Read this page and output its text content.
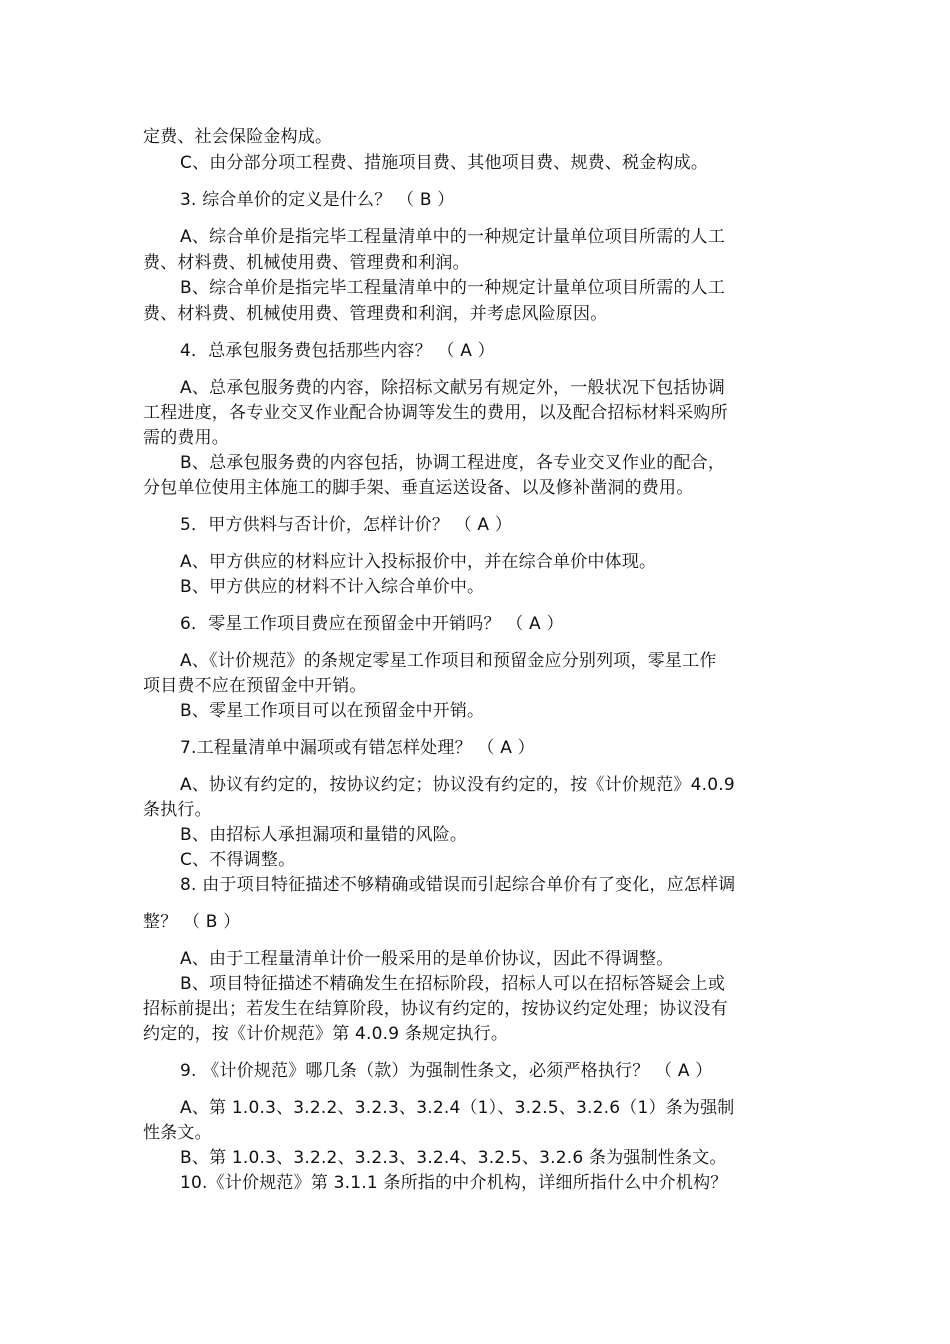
定费、社会保险金构成。
C、由分部分项工程费、措施项目费、其他项目费、规费、税金构成。
3. 综合单价的定义是什么？ （ B ）
A、综合单价是指完毕工程量清单中的一种规定计量单位项目所需的人工
费、材料费、机械使用费、管理费和利润。
B、综合单价是指完毕工程量清单中的一种规定计量单位项目所需的人工
费、材料费、机械使用费、管理费和利润，并考虑风险原因。
4．总承包服务费包括那些内容？ （ A ）
A、总承包服务费的内容，除招标文献另有规定外，一般状况下包括协调
工程进度，各专业交叉作业配合协调等发生的费用，以及配合招标材料采购所
需的费用。
B、总承包服务费的内容包括，协调工程进度，各专业交叉作业的配合，
分包单位使用主体施工的脚手架、垂直运送设备、以及修补凿洞的费用。
5．甲方供料与否计价，怎样计价？ （ A ）
A、甲方供应的材料应计入投标报价中，并在综合单价中体现。
B、甲方供应的材料不计入综合单价中。
6．零星工作项目费应在预留金中开销吗？ （ A ）
A、《计价规范》的条规定零星工作项目和预留金应分别列项，零星工作
项目费不应在预留金中开销。
B、零星工作项目可以在预留金中开销。
7.工程量清单中漏项或有错怎样处理？ （ A ）
A、协议有约定的，按协议约定；协议没有约定的，按《计价规范》4.0.9
条执行。
B、由招标人承担漏项和量错的风险。
C、不得调整。
8. 由于项目特征描述不够精确或错误而引起综合单价有了变化，应怎样调
整？ （ B ）
A、由于工程量清单计价一般采用的是单价协议，因此不得调整。
B、项目特征描述不精确发生在招标阶段，招标人可以在招标答疑会上或
招标前提出；若发生在结算阶段，协议有约定的，按协议约定处理；协议没有
约定的，按《计价规范》第 4.0.9 条规定执行。
9. 《计价规范》哪几条（款）为强制性条文，必须严格执行？ （ A ）
A、第 1.0.3、3.2.2、3.2.3、3.2.4（1）、3.2.5、3.2.6（1）条为强制
性条文。
B、第 1.0.3、3.2.2、3.2.3、3.2.4、3.2.5、3.2.6 条为强制性条文。
10.《计价规范》第 3.1.1 条所指的中介机构，详细所指什么中介机构？
